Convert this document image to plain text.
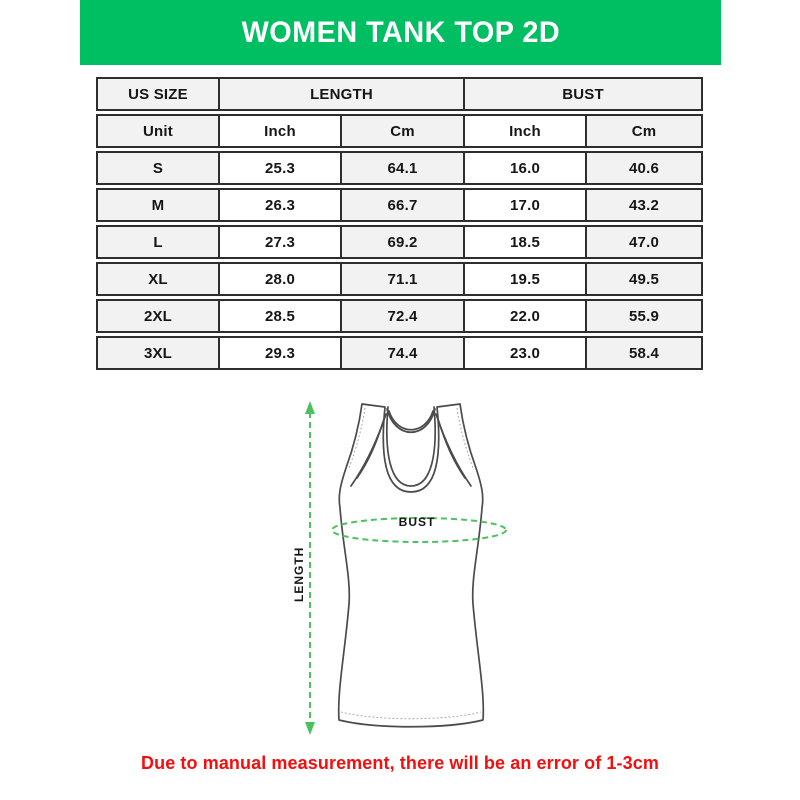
WOMEN TANK TOP 2D
US SIZE	LENGTH		BUST	
Unit	Inch	Cm	Inch	Cm
S	25.3	64.1	16.0	40.6
M	26.3	66.7	17.0	43.2
L	27.3	69.2	18.5	47.0
XL	28.0	71.1	19.5	49.5
2XL	28.5	72.4	22.0	55.9
3XL	29.3	74.4	23.0	58.4
BUST
LENGTH
Due to manual measurement, there will be an error of 1-3cm
